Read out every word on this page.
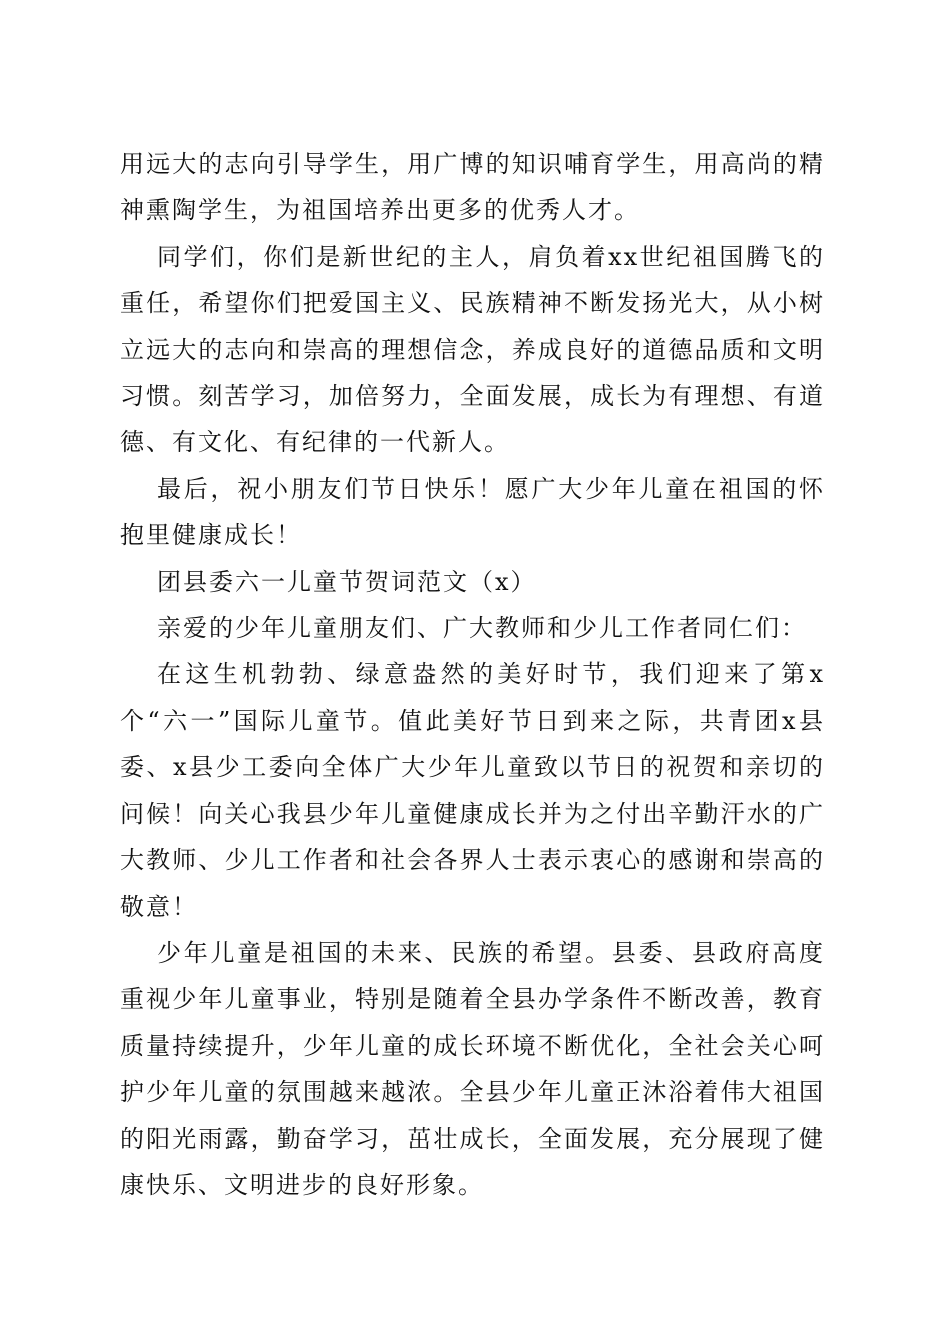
用远大的志向引导学生，用广博的知识哺育学生，用高尚的精神熏陶学生，为祖国培养出更多的优秀人才。

同学们，你们是新世纪的主人，肩负着xx世纪祖国腾飞的重任，希望你们把爱国主义、民族精神不断发扬光大，从小树立远大的志向和崇高的理想信念，养成良好的道德品质和文明习惯。刻苦学习，加倍努力，全面发展，成长为有理想、有道德、有文化、有纪律的一代新人。

最后，祝小朋友们节日快乐！愿广大少年儿童在祖国的怀抱里健康成长！

团县委六一儿童节贺词范文（x）

亲爱的少年儿童朋友们、广大教师和少儿工作者同仁们：

在这生机勃勃、绿意盎然的美好时节，我们迎来了第x个“六一”国际儿童节。值此美好节日到来之际，共青团x县委、x县少工委向全体广大少年儿童致以节日的祝贺和亲切的问候！向关心我县少年儿童健康成长并为之付出辛勤汗水的广大教师、少儿工作者和社会各界人士表示衷心的感谢和崇高的敬意！

少年儿童是祖国的未来、民族的希望。县委、县政府高度重视少年儿童事业，特别是随着全县办学条件不断改善，教育质量持续提升，少年儿童的成长环境不断优化，全社会关心呵护少年儿童的氛围越来越浓。全县少年儿童正沐浴着伟大祖国的阳光雨露，勤奋学习，茁壮成长，全面发展，充分展现了健康快乐、文明进步的良好形象。
